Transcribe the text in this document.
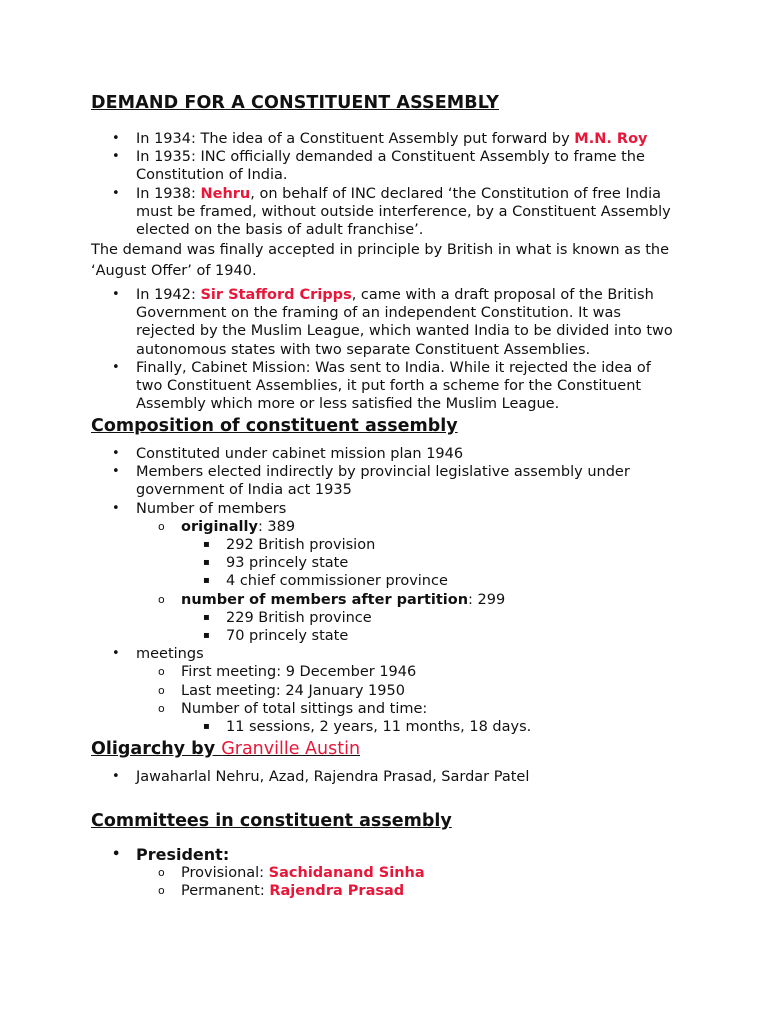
DEMAND FOR A CONSTITUENT ASSEMBLY
• In 1934: The idea of a Constituent Assembly put forward by M.N. Roy
• In 1935: INC officially demanded a Constituent Assembly to frame the Constitution of India.
• In 1938: Nehru, on behalf of INC declared ‘the Constitution of free India must be framed, without outside interference, by a Constituent Assembly elected on the basis of adult franchise’.
The demand was finally accepted in principle by British in what is known as the ‘August Offer’ of 1940.
• In 1942: Sir Stafford Cripps, came with a draft proposal of the British Government on the framing of an independent Constitution. It was rejected by the Muslim League, which wanted India to be divided into two autonomous states with two separate Constituent Assemblies.
• Finally, Cabinet Mission: Was sent to India. While it rejected the idea of two Constituent Assemblies, it put forth a scheme for the Constituent Assembly which more or less satisfied the Muslim League.
Composition of constituent assembly
• Constituted under cabinet mission plan 1946
• Members elected indirectly by provincial legislative assembly under government of India act 1935
• Number of members
o originally: 389
▪ 292 British provision
▪ 93 princely state
▪ 4 chief commissioner province
o number of members after partition: 299
▪ 229 British province
▪ 70 princely state
• meetings
o First meeting: 9 December 1946
o Last meeting: 24 January 1950
o Number of total sittings and time:
▪ 11 sessions, 2 years, 11 months, 18 days.
Oligarchy by Granville Austin
• Jawaharlal Nehru, Azad, Rajendra Prasad, Sardar Patel
Committees in constituent assembly
• President:
o Provisional: Sachidanand Sinha
o Permanent: Rajendra Prasad
